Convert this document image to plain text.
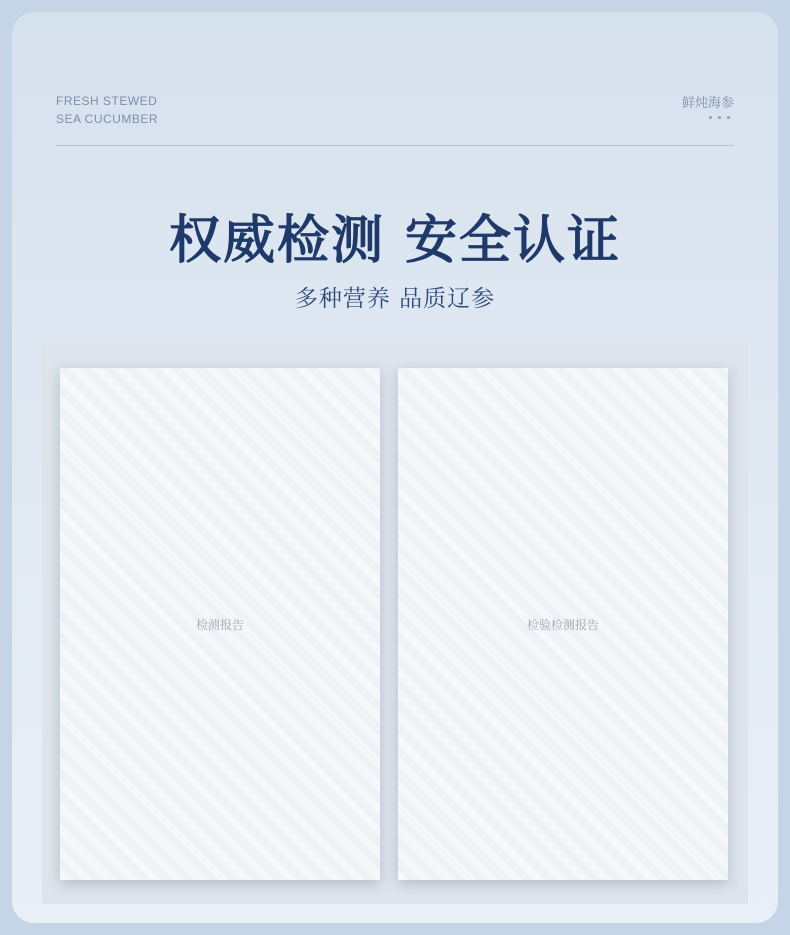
FRESH STEWED
SEA CUCUMBER
鲜炖海参
权威检测 安全认证
多种营养 品质辽参
检测报告	检验检测报告
